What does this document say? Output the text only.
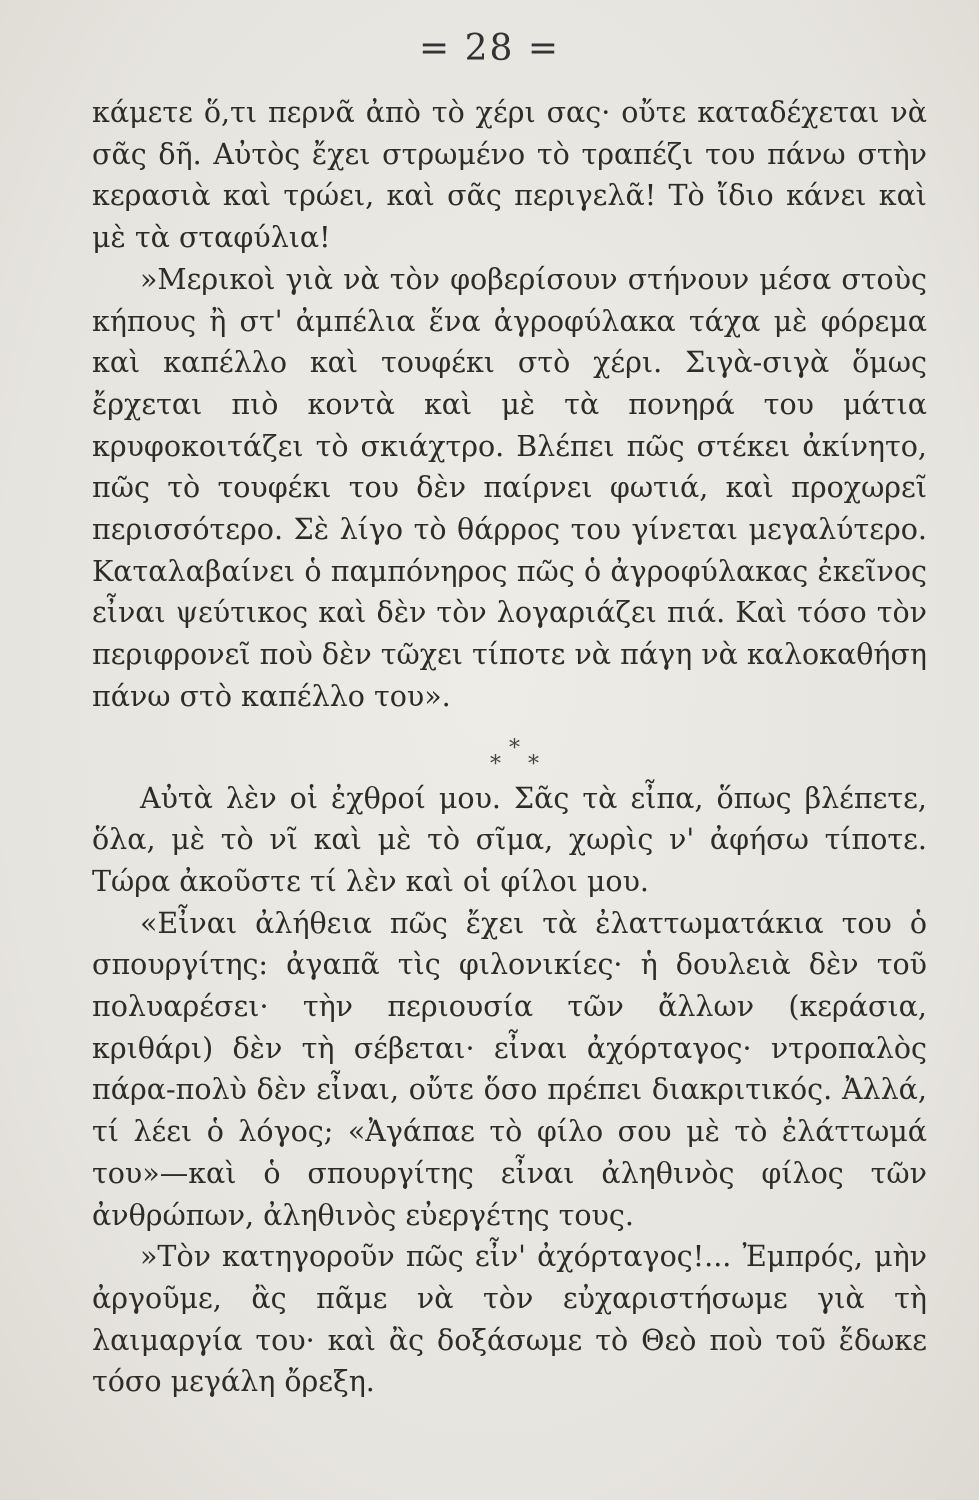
= 28 =

κάμετε ὅ,τι περνᾶ ἀπὸ τὸ χέρι σας· οὔτε καταδέχεται νὰ σᾶς δῆ. Αὐτὸς ἔχει στρωμένο τὸ τραπέζι του πάνω στὴν κερασιὰ καὶ τρώει, καὶ σᾶς περιγελᾶ! Τὸ ἴδιο κάνει καὶ μὲ τὰ σταφύλια!

»Μερικοὶ γιὰ νὰ τὸν φοβερίσουν στήνουν μέσα στοὺς κήπους ἢ στ' ἀμπέλια ἕνα ἀγροφύλακα τάχα μὲ φόρεμα καὶ καπέλλο καὶ τουφέκι στὸ χέρι. Σιγὰ-σιγὰ ὅμως ἔρχεται πιὸ κοντὰ καὶ μὲ τὰ πονηρά του μάτια κρυφοκοιτάζει τὸ σκιάχτρο. Βλέπει πῶς στέκει ἀκίνητο, πῶς τὸ τουφέκι του δὲν παίρνει φωτιά, καὶ προχωρεῖ περισσότερο. Σὲ λίγο τὸ θάρρος του γίνεται μεγαλύτερο. Καταλαβαίνει ὁ παμπόνηρος πῶς ὁ ἀγροφύλακας ἐκεῖνος εἶναι ψεύτικος καὶ δὲν τὸν λογαριάζει πιά. Καὶ τόσο τὸν περιφρονεῖ ποὺ δὲν τῶχει τίποτε νὰ πάγη νὰ καλοκαθήση πάνω στὸ καπέλλο του».

*
* *

Αὐτὰ λὲν οἱ ἐχθροί μου. Σᾶς τὰ εἶπα, ὅπως βλέπετε, ὅλα, μὲ τὸ νῖ καὶ μὲ τὸ σῖμα, χωρὶς ν' ἀφήσω τίποτε. Τώρα ἀκοῦστε τί λὲν καὶ οἱ φίλοι μου.

«Εἶναι ἀλήθεια πῶς ἔχει τὰ ἐλαττωματάκια του ὁ σπουργίτης: ἀγαπᾶ τὶς φιλονικίες· ἡ δουλειὰ δὲν τοῦ πολυαρέσει· τὴν περιουσία τῶν ἄλλων (κεράσια, κριθάρι) δὲν τὴ σέβεται· εἶναι ἀχόρταγος· ντροπαλὸς πάρα-πολὺ δὲν εἶναι, οὔτε ὅσο πρέπει διακριτικός. Ἀλλά, τί λέει ὁ λόγος; «Ἀγάπαε τὸ φίλο σου μὲ τὸ ἐλάττωμά του»—καὶ ὁ σπουργίτης εἶναι ἀληθινὸς φίλος τῶν ἀνθρώπων, ἀληθινὸς εὐεργέτης τους.

»Τὸν κατηγοροῦν πῶς εἶν' ἀχόρταγος!... Ἐμπρός, μὴν ἀργοῦμε, ἂς πᾶμε νὰ τὸν εὐχαριστήσωμε γιὰ τὴ λαιμαργία του· καὶ ἂς δοξάσωμε τὸ Θεὸ ποὺ τοῦ ἔδωκε τόσο μεγάλη ὄρεξη.
